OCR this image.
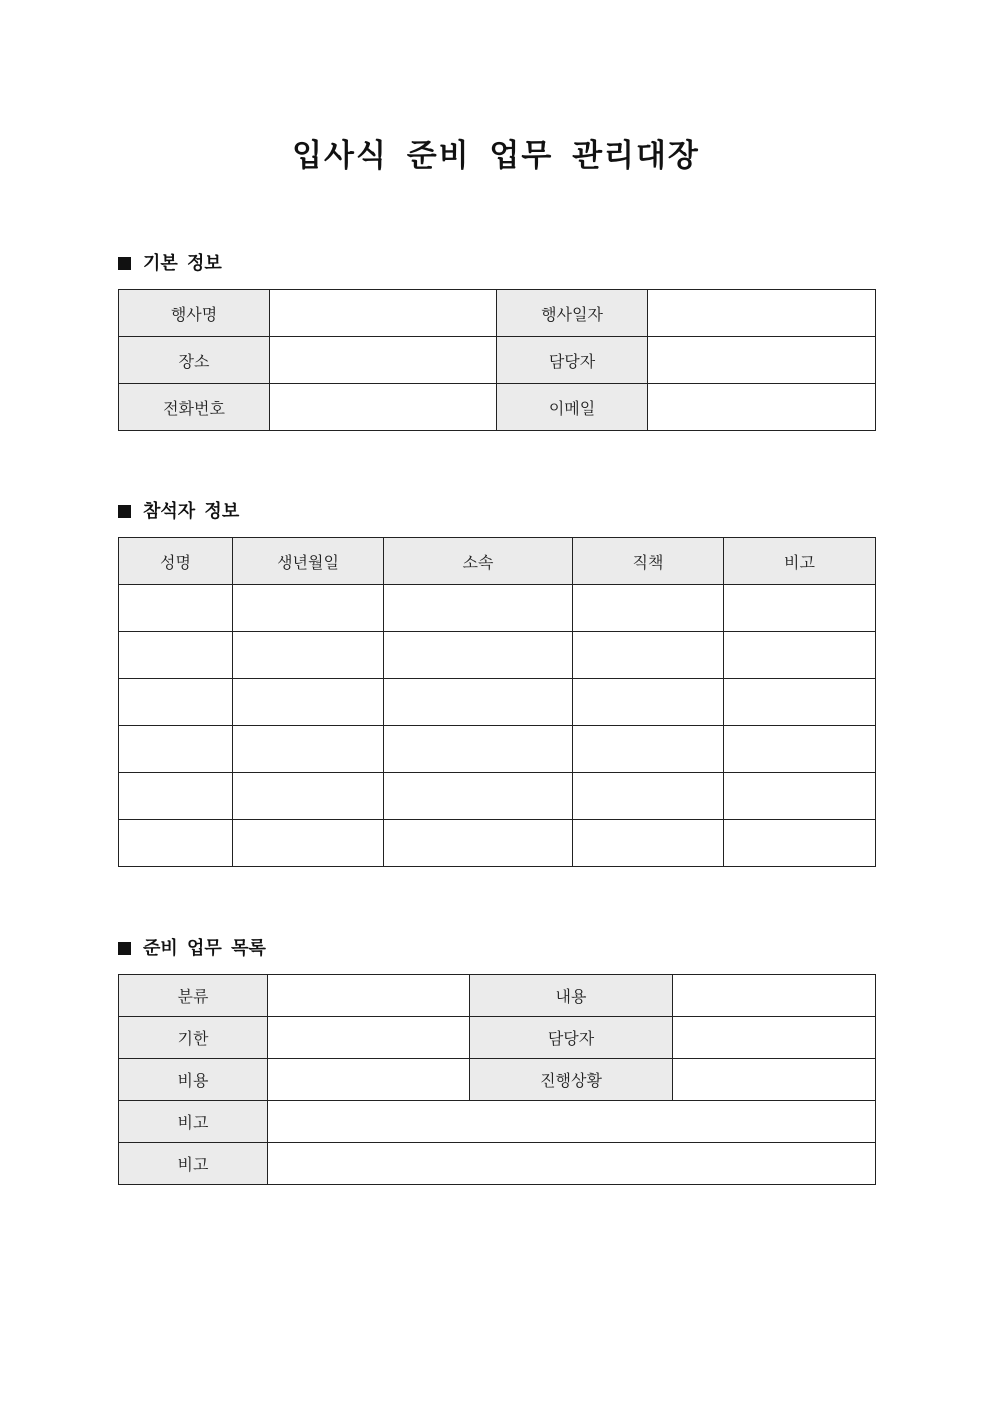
입사식 준비 업무 관리대장
기본 정보
행사명		행사일자	
장소		담당자	
전화번호		이메일	
참석자 정보
성명	생년월일	소속	직책	비고

준비 업무 목록
분류		내용	
기한		담당자	
비용		진행상황	
비고			
비고			
